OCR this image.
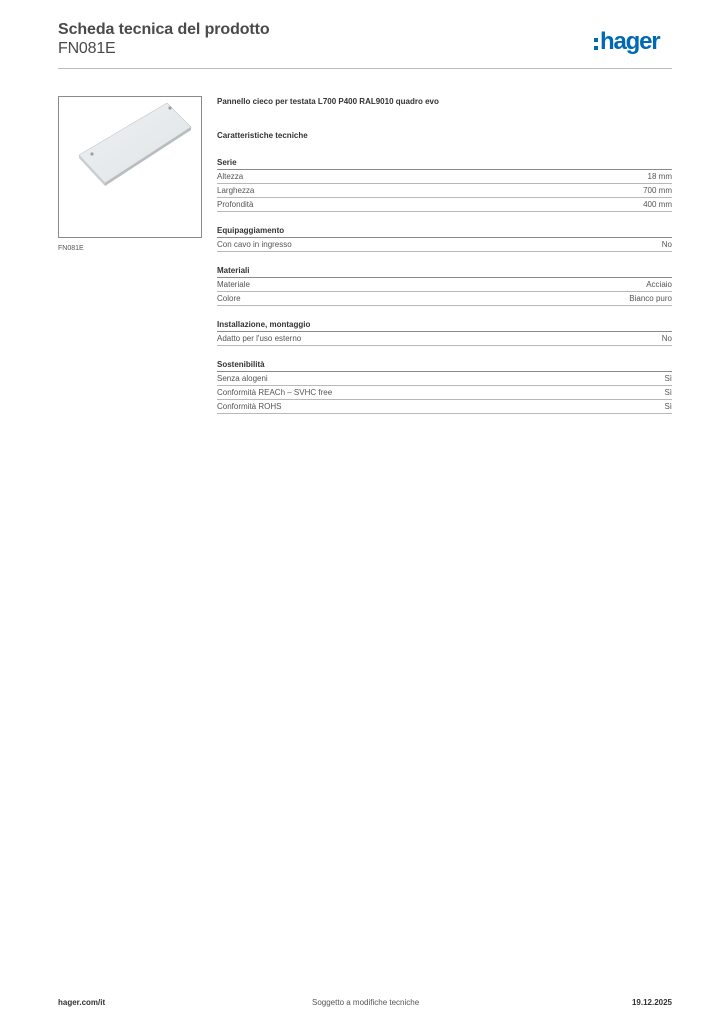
Scheda tecnica del prodotto
FN081E	hager
FN081E
Pannello cieco per testata L700 P400 RAL9010 quadro evo
Caratteristiche tecniche
Serie
Altezza	18 mm
Larghezza	700 mm
Profondità	400 mm
Equipaggiamento
Con cavo in ingresso	No
Materiali
Materiale	Acciaio
Colore	Bianco puro
Installazione, montaggio
Adatto per l'uso esterno	No
Sostenibilità
Senza alogeni	Sì
Conformità REACh – SVHC free	Sì
Conformità ROHS	Sì
hager.com/it	Soggetto a modifiche tecniche	19.12.2025
